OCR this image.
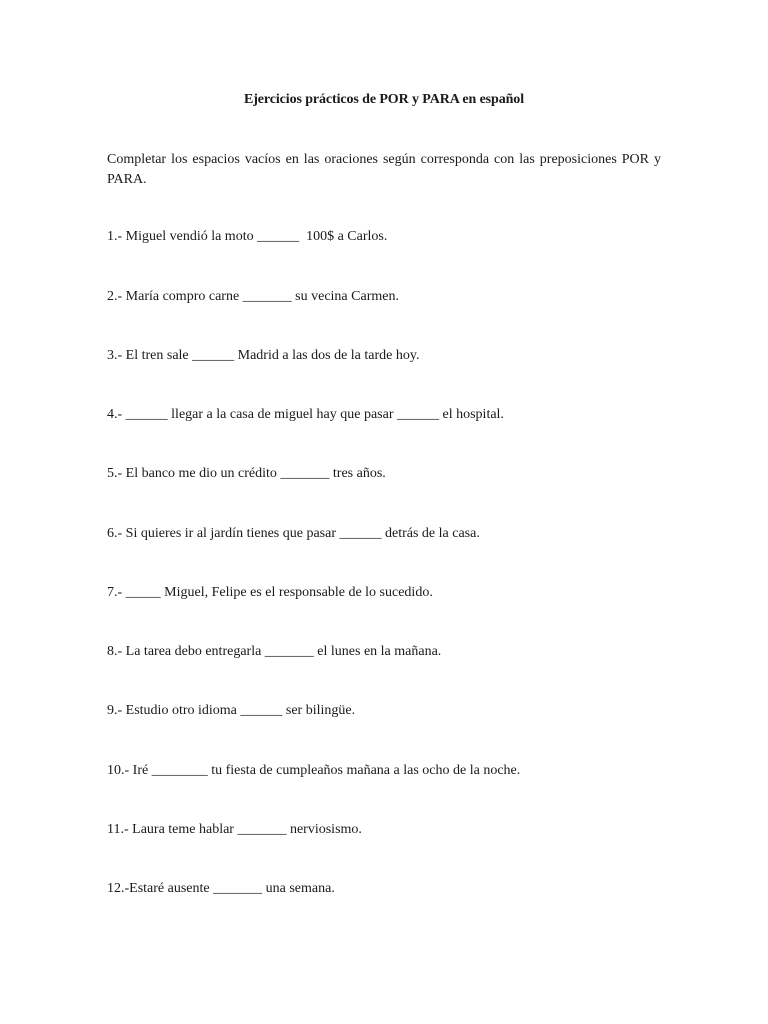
Ejercicios prácticos de POR y PARA en español
Completar los espacios vacíos en las oraciones según corresponda con las preposiciones POR y PARA.
1.- Miguel vendió la moto ______  100$ a Carlos.
2.- María compro carne _______ su vecina Carmen.
3.- El tren sale ______ Madrid a las dos de la tarde hoy.
4.- ______ llegar a la casa de miguel hay que pasar ______ el hospital.
5.- El banco me dio un crédito _______ tres años.
6.- Si quieres ir al jardín tienes que pasar ______ detrás de la casa.
7.- _____ Miguel, Felipe es el responsable de lo sucedido.
8.- La tarea debo entregarla _______ el lunes en la mañana.
9.- Estudio otro idioma ______ ser bilingüe.
10.- Iré ________ tu fiesta de cumpleaños mañana a las ocho de la noche.
11.- Laura teme hablar _______ nerviosismo.
12.-Estaré ausente _______ una semana.
